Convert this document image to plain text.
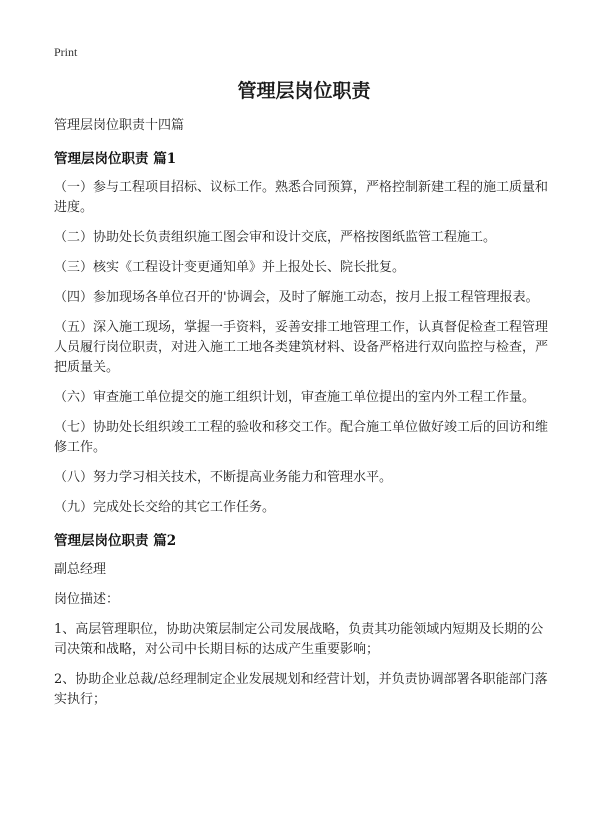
Print

管理层岗位职责

管理层岗位职责十四篇

管理层岗位职责 篇1

（一）参与工程项目招标、议标工作。熟悉合同预算，严格控制新建工程的施工质量和进度。

（二）协助处长负责组织施工图会审和设计交底，严格按图纸监管工程施工。

（三）核实《工程设计变更通知单》并上报处长、院长批复。

（四）参加现场各单位召开的'协调会，及时了解施工动态，按月上报工程管理报表。

（五）深入施工现场，掌握一手资料，妥善安排工地管理工作，认真督促检查工程管理人员履行岗位职责，对进入施工工地各类建筑材料、设备严格进行双向监控与检查，严把质量关。

（六）审查施工单位提交的施工组织计划，审查施工单位提出的室内外工程工作量。

（七）协助处长组织竣工工程的验收和移交工作。配合施工单位做好竣工后的回访和维修工作。

（八）努力学习相关技术，不断提高业务能力和管理水平。

（九）完成处长交给的其它工作任务。

管理层岗位职责 篇2

副总经理

岗位描述：

1、高层管理职位，协助决策层制定公司发展战略，负责其功能领域内短期及长期的公司决策和战略，对公司中长期目标的达成产生重要影响；

2、协助企业总裁/总经理制定企业发展规划和经营计划，并负责协调部署各职能部门落实执行；
